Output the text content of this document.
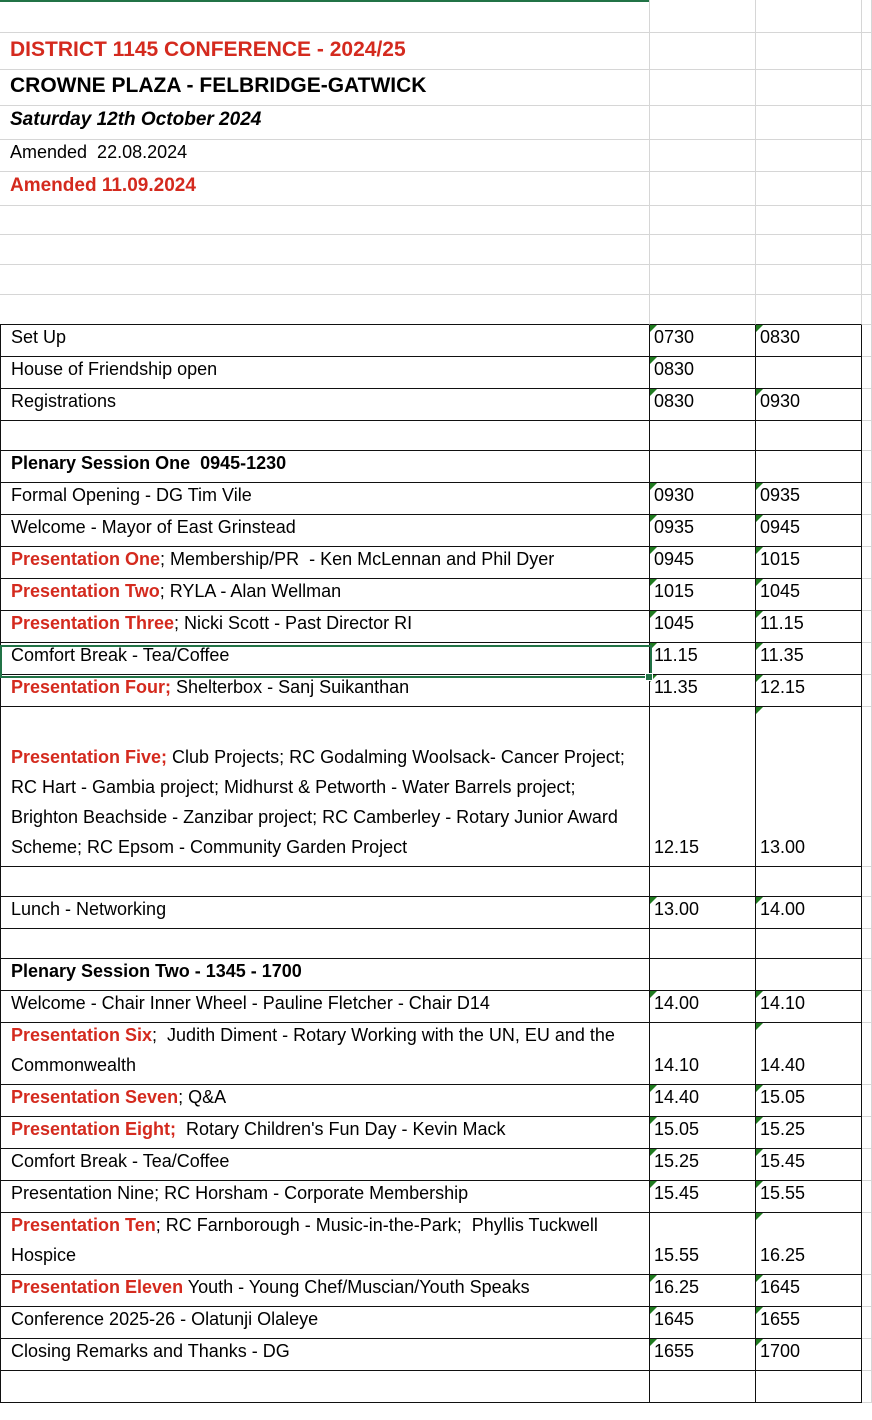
DISTRICT 1145 CONFERENCE - 2024/25
CROWNE PLAZA - FELBRIDGE-GATWICK
Saturday 12th October 2024
Amended  22.08.2024
Amended 11.09.2024
Set Up	0730	0830
House of Friendship open	0830
Registrations	0830	0930
Plenary Session One  0945-1230
Formal Opening - DG Tim Vile	0930	0935
Welcome - Mayor of East Grinstead	0935	0945
Presentation One; Membership/PR  - Ken McLennan and Phil Dyer	0945	1015
Presentation Two; RYLA - Alan Wellman	1015	1045
Presentation Three; Nicki Scott - Past Director RI	1045	11.15
Comfort Break - Tea/Coffee	11.15	11.35
Presentation Four; Shelterbox - Sanj Suikanthan	11.35	12.15
Presentation Five; Club Projects; RC Godalming Woolsack- Cancer Project; RC Hart - Gambia project; Midhurst & Petworth - Water Barrels project; Brighton Beachside - Zanzibar project; RC Camberley - Rotary Junior Award Scheme; RC Epsom - Community Garden Project	12.15	13.00
Lunch - Networking	13.00	14.00
Plenary Session Two - 1345 - 1700
Welcome - Chair Inner Wheel - Pauline Fletcher - Chair D14	14.00	14.10
Presentation Six;  Judith Diment - Rotary Working with the UN, EU and the Commonwealth	14.10	14.40
Presentation Seven; Q&A	14.40	15.05
Presentation Eight;  Rotary Children's Fun Day - Kevin Mack	15.05	15.25
Comfort Break - Tea/Coffee	15.25	15.45
Presentation Nine; RC Horsham - Corporate Membership	15.45	15.55
Presentation Ten; RC Farnborough - Music-in-the-Park;  Phyllis Tuckwell Hospice	15.55	16.25
Presentation Eleven Youth - Young Chef/Muscian/Youth Speaks	16.25	1645
Conference 2025-26 - Olatunji Olaleye	1645	1655
Closing Remarks and Thanks - DG	1655	1700
